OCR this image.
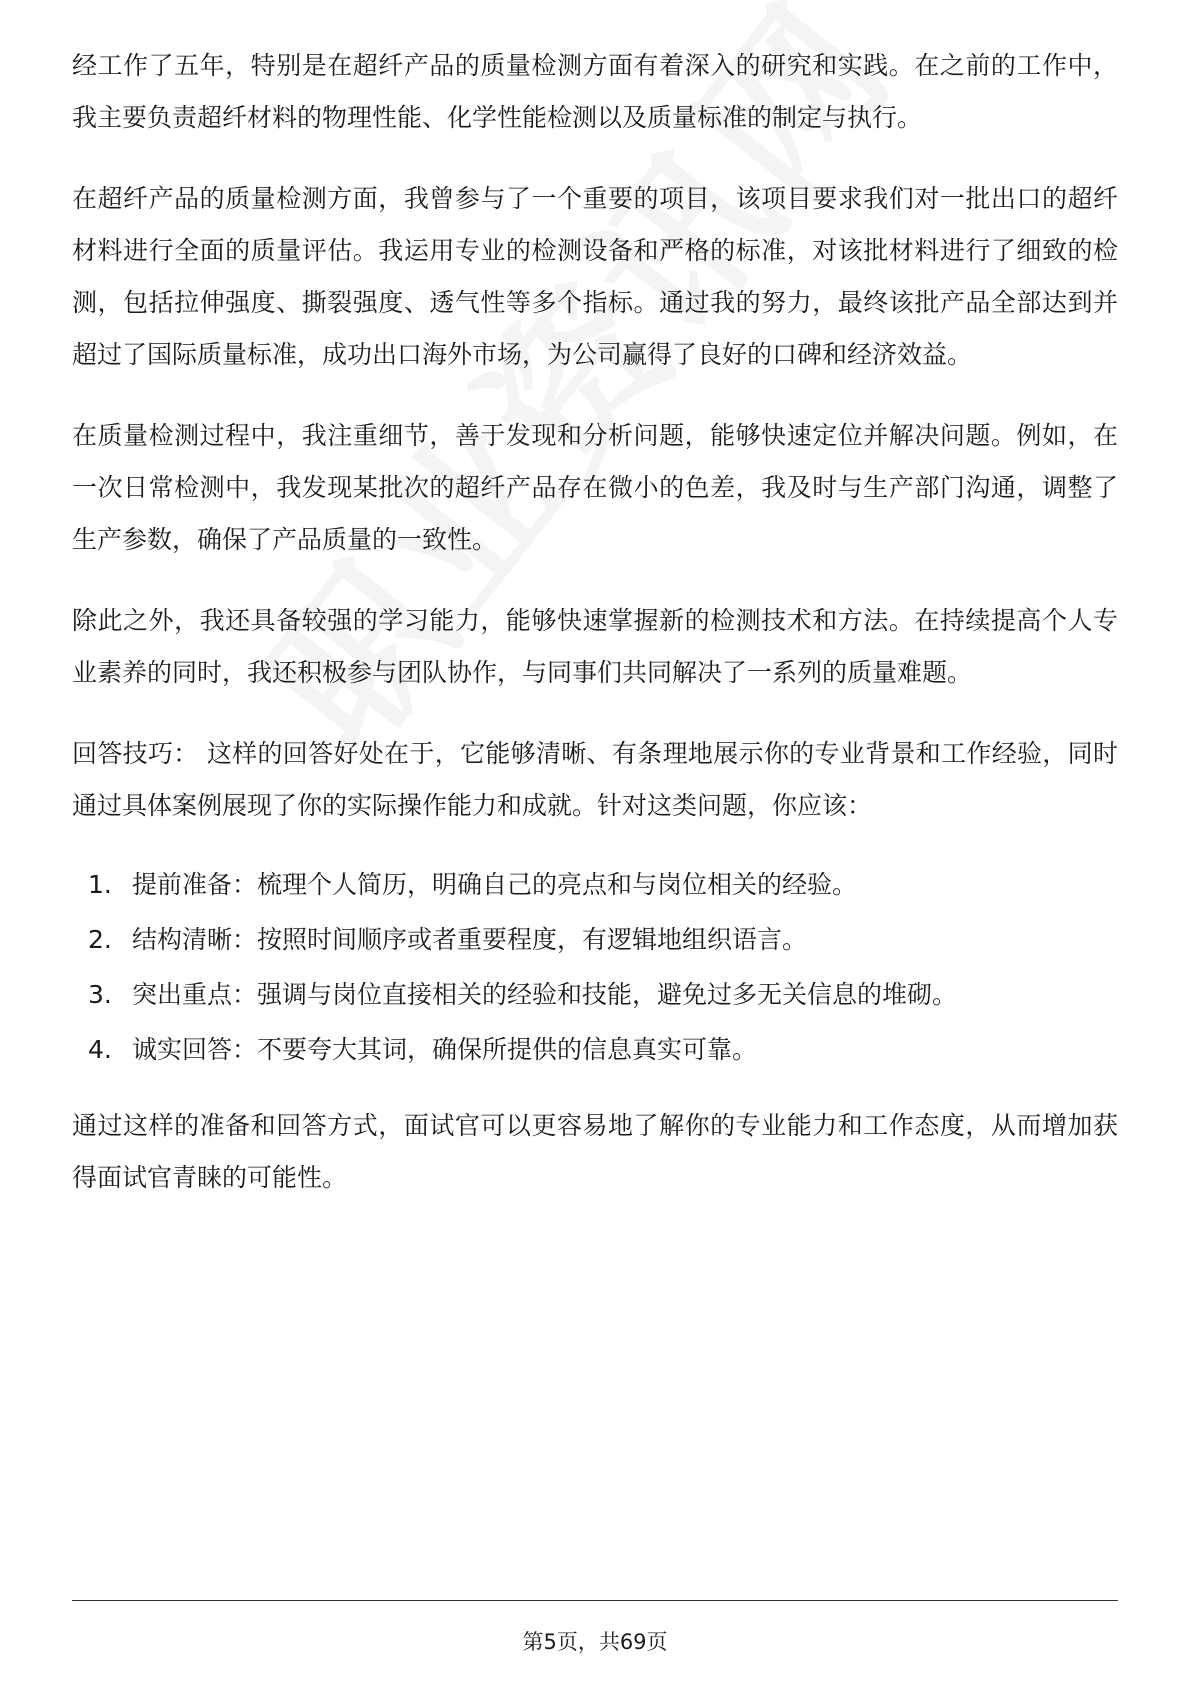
经工作了五年，特别是在超纤产品的质量检测方面有着深入的研究和实践。在之前的工作中，我主要负责超纤材料的物理性能、化学性能检测以及质量标准的制定与执行。

在超纤产品的质量检测方面，我曾参与了一个重要的项目，该项目要求我们对一批出口的超纤材料进行全面的质量评估。我运用专业的检测设备和严格的标准，对该批材料进行了细致的检测，包括拉伸强度、撕裂强度、透气性等多个指标。通过我的努力，最终该批产品全部达到并超过了国际质量标准，成功出口海外市场，为公司赢得了良好的口碑和经济效益。

在质量检测过程中，我注重细节，善于发现和分析问题，能够快速定位并解决问题。例如，在一次日常检测中，我发现某批次的超纤产品存在微小的色差，我及时与生产部门沟通，调整了生产参数，确保了产品质量的一致性。

除此之外，我还具备较强的学习能力，能够快速掌握新的检测技术和方法。在持续提高个人专业素养的同时，我还积极参与团队协作，与同事们共同解决了一系列的质量难题。

回答技巧： 这样的回答好处在于，它能够清晰、有条理地展示你的专业背景和工作经验，同时通过具体案例展现了你的实际操作能力和成就。针对这类问题，你应该：

1. 提前准备：梳理个人简历，明确自己的亮点和与岗位相关的经验。
2. 结构清晰：按照时间顺序或者重要程度，有逻辑地组织语言。
3. 突出重点：强调与岗位直接相关的经验和技能，避免过多无关信息的堆砌。
4. 诚实回答：不要夸大其词，确保所提供的信息真实可靠。

通过这样的准备和回答方式，面试官可以更容易地了解你的专业能力和工作态度，从而增加获得面试官青睐的可能性。

第5页，共69页
